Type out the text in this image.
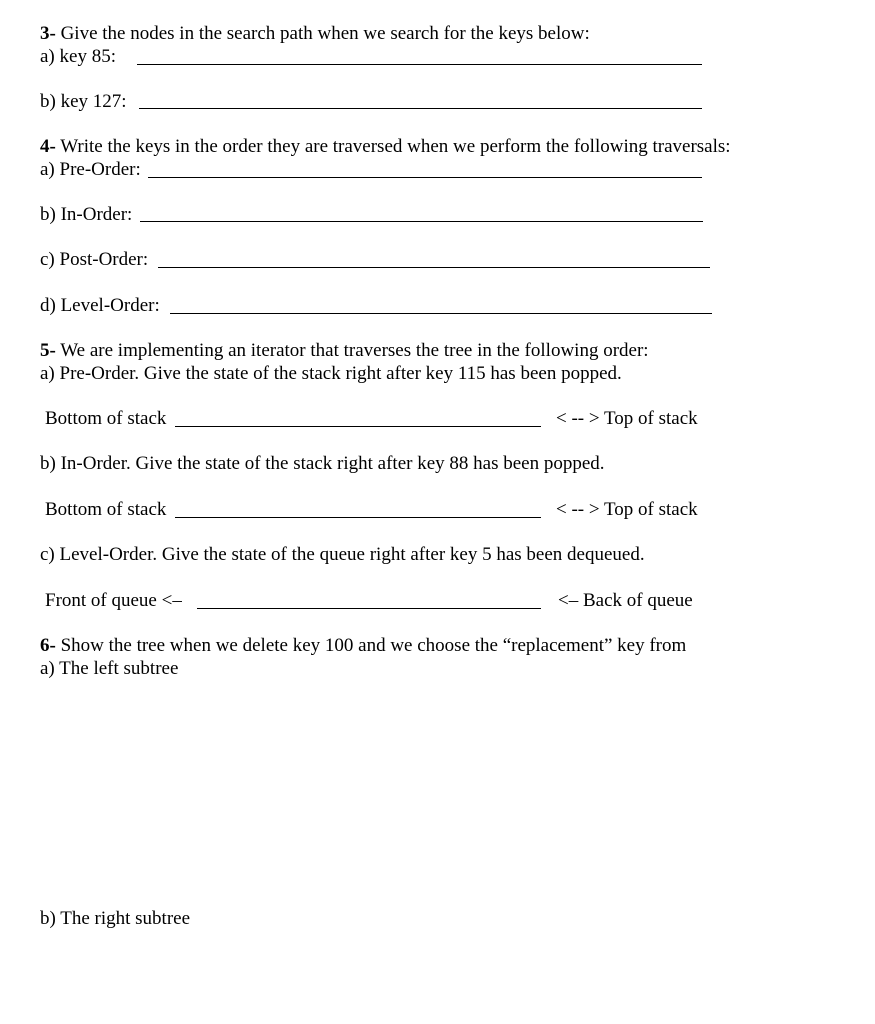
3- Give the nodes in the search path when we search for the keys below:
a) key 85:
b) key 127:
4- Write the keys in the order they are traversed when we perform the following traversals:
a) Pre-Order:
b) In-Order:
c) Post-Order:
d) Level-Order:
5- We are implementing an iterator that traverses the tree in the following order:
a) Pre-Order. Give the state of the stack right after key 115 has been popped.
Bottom of stack	< -- > Top of stack
b) In-Order. Give the state of the stack right after key 88 has been popped.
Bottom of stack	< -- > Top of stack
c) Level-Order. Give the state of the queue right after key 5 has been dequeued.
Front of queue <–	<– Back of queue
6- Show the tree when we delete key 100 and we choose the “replacement” key from
a) The left subtree
b) The right subtree
